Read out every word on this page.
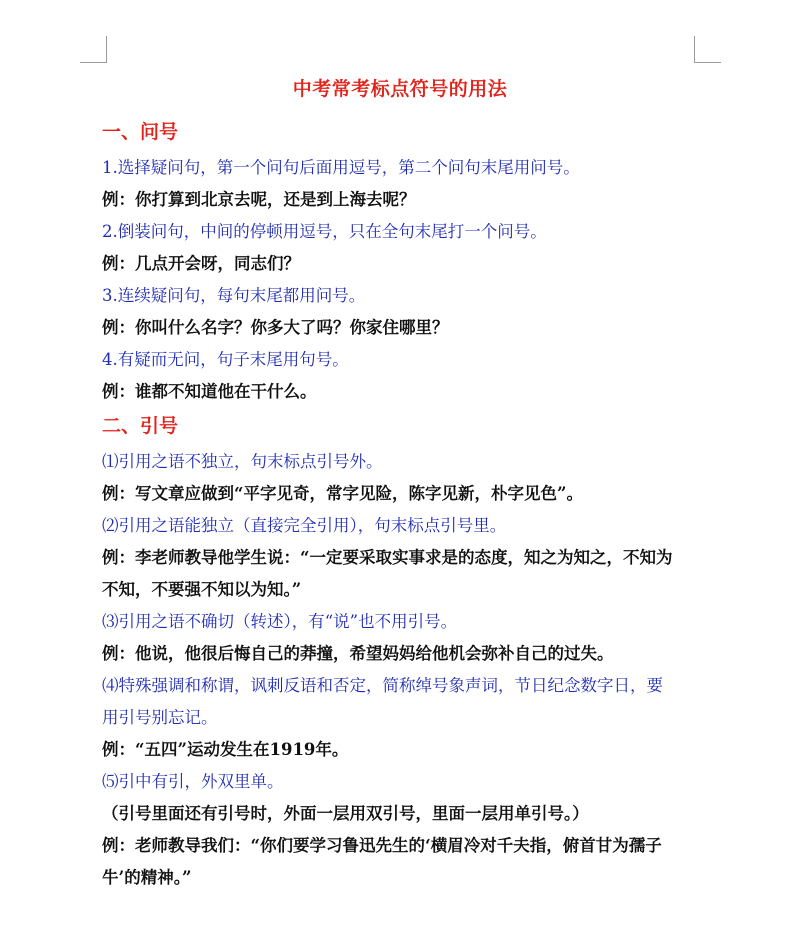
中考常考标点符号的用法
一、问号
1.选择疑问句，第一个问句后面用逗号，第二个问句末尾用问号。
例：你打算到北京去呢，还是到上海去呢？
2.倒装问句，中间的停顿用逗号，只在全句末尾打一个问号。
例：几点开会呀，同志们？
3.连续疑问句，每句末尾都用问号。
例：你叫什么名字？你多大了吗？你家住哪里？
4.有疑而无问，句子末尾用句号。
例：谁都不知道他在干什么。
二、引号
⑴引用之语不独立，句末标点引号外。
例：写文章应做到“平字见奇，常字见险，陈字见新，朴字见色”。
⑵引用之语能独立（直接完全引用），句末标点引号里。
例：李老师教导他学生说：“一定要采取实事求是的态度，知之为知之，不知为
不知，不要强不知以为知。”
⑶引用之语不确切（转述），有“说”也不用引号。
例：他说，他很后悔自己的莽撞，希望妈妈给他机会弥补自己的过失。
⑷特殊强调和称谓，讽刺反语和否定，简称绰号象声词，节日纪念数字日，要
用引号别忘记。
例：“五四”运动发生在1919年。
⑸引中有引，外双里单。
（引号里面还有引号时，外面一层用双引号，里面一层用单引号。）
例：老师教导我们：“你们要学习鲁迅先生的‘横眉冷对千夫指，俯首甘为孺子
牛’的精神。”
